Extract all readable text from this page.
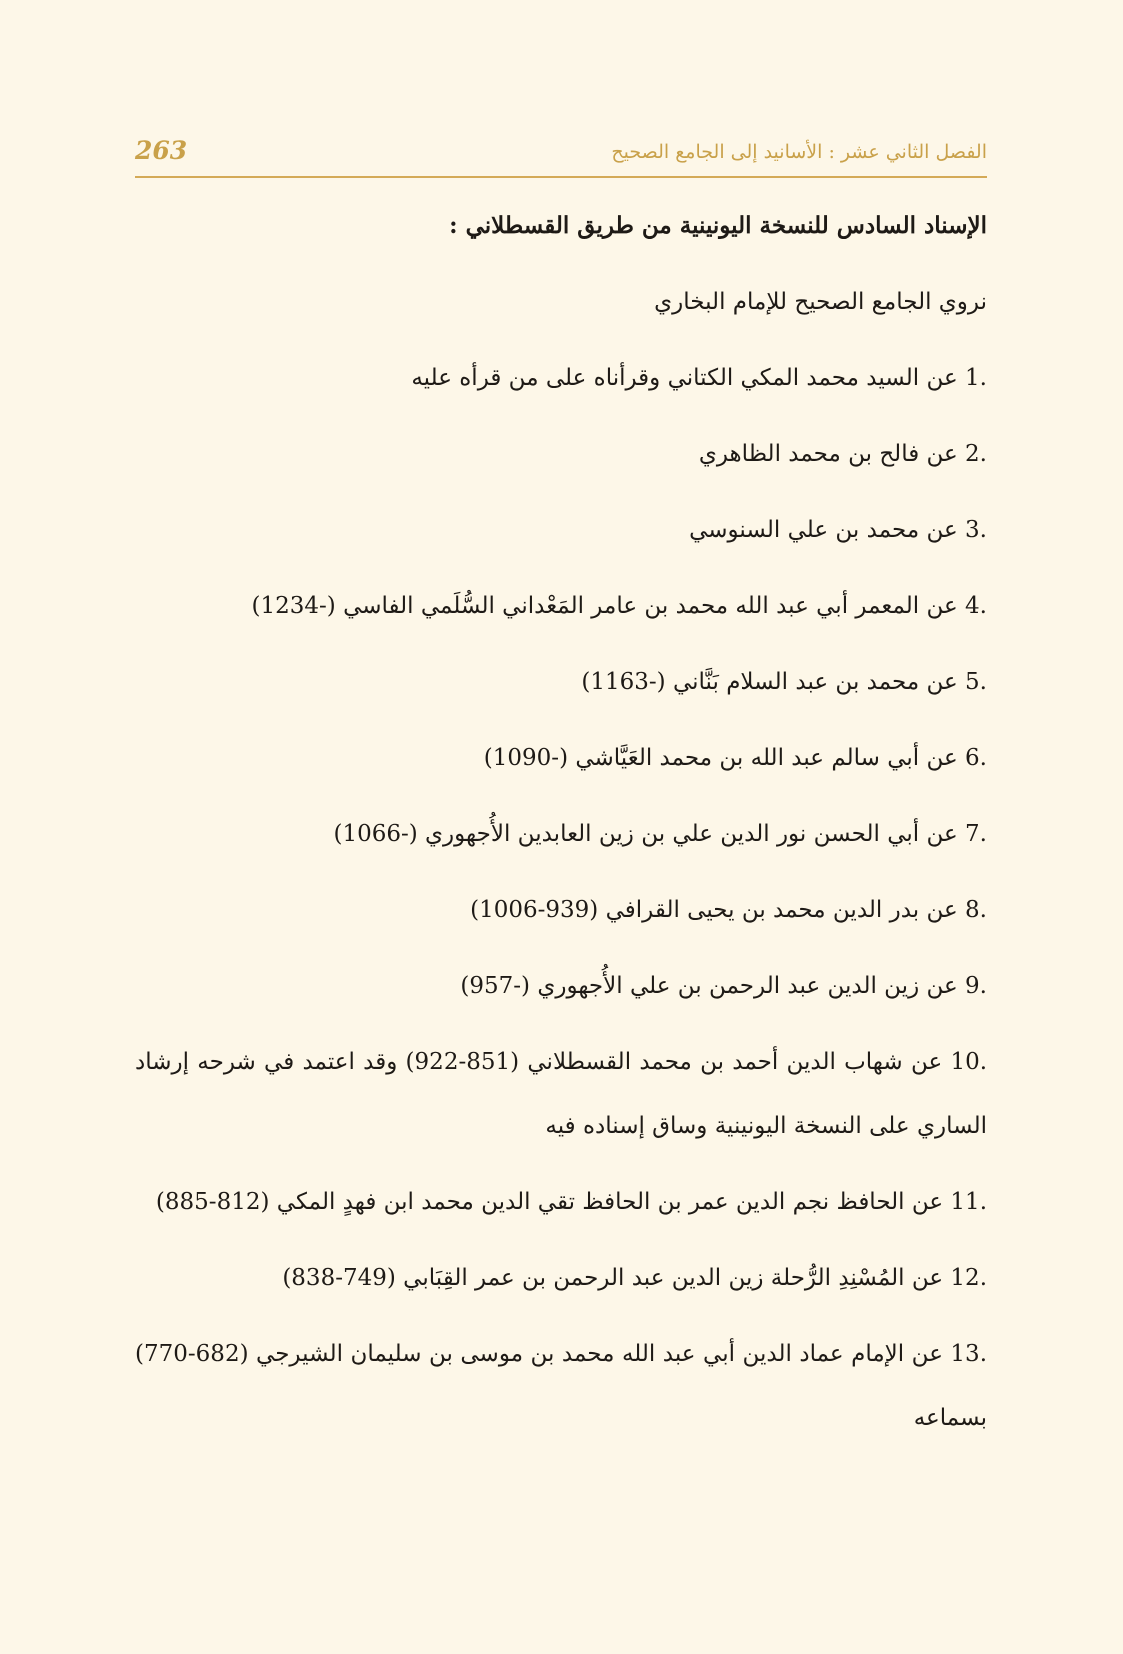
263	الفصل الثاني عشر : الأسانيد إلى الجامع الصحيح
الإسناد السادس للنسخة اليونينية من طريق القسطلاني :

نروي الجامع الصحيح للإمام البخاري

1. عن السيد محمد المكي الكتاني وقرأناه على من قرأه عليه
2. عن فالح بن محمد الظاهري
3. عن محمد بن علي السنوسي
4. عن المعمر أبي عبد الله محمد بن عامر المَعْداني السُّلَمي الفاسي (-1234)
5. عن محمد بن عبد السلام بَنَّاني (-1163)
6. عن أبي سالم عبد الله بن محمد العَيَّاشي (-1090)
7. عن أبي الحسن نور الدين علي بن زين العابدين الأُجهوري (-1066)
8. عن بدر الدين محمد بن يحيى القرافي (939-1006)
9. عن زين الدين عبد الرحمن بن علي الأُجهوري (-957)
10. عن شهاب الدين أحمد بن محمد القسطلاني (851-922) وقد اعتمد في شرحه إرشاد الساري على النسخة اليونينية وساق إسناده فيه
11. عن الحافظ نجم الدين عمر بن الحافظ تقي الدين محمد ابن فهدٍ المكي (812-885)
12. عن المُسْنِدِ الرُّحلة زين الدين عبد الرحمن بن عمر القِبَابي (749-838)
13. عن الإمام عماد الدين أبي عبد الله محمد بن موسى بن سليمان الشيرجي (682-770) بسماعه
